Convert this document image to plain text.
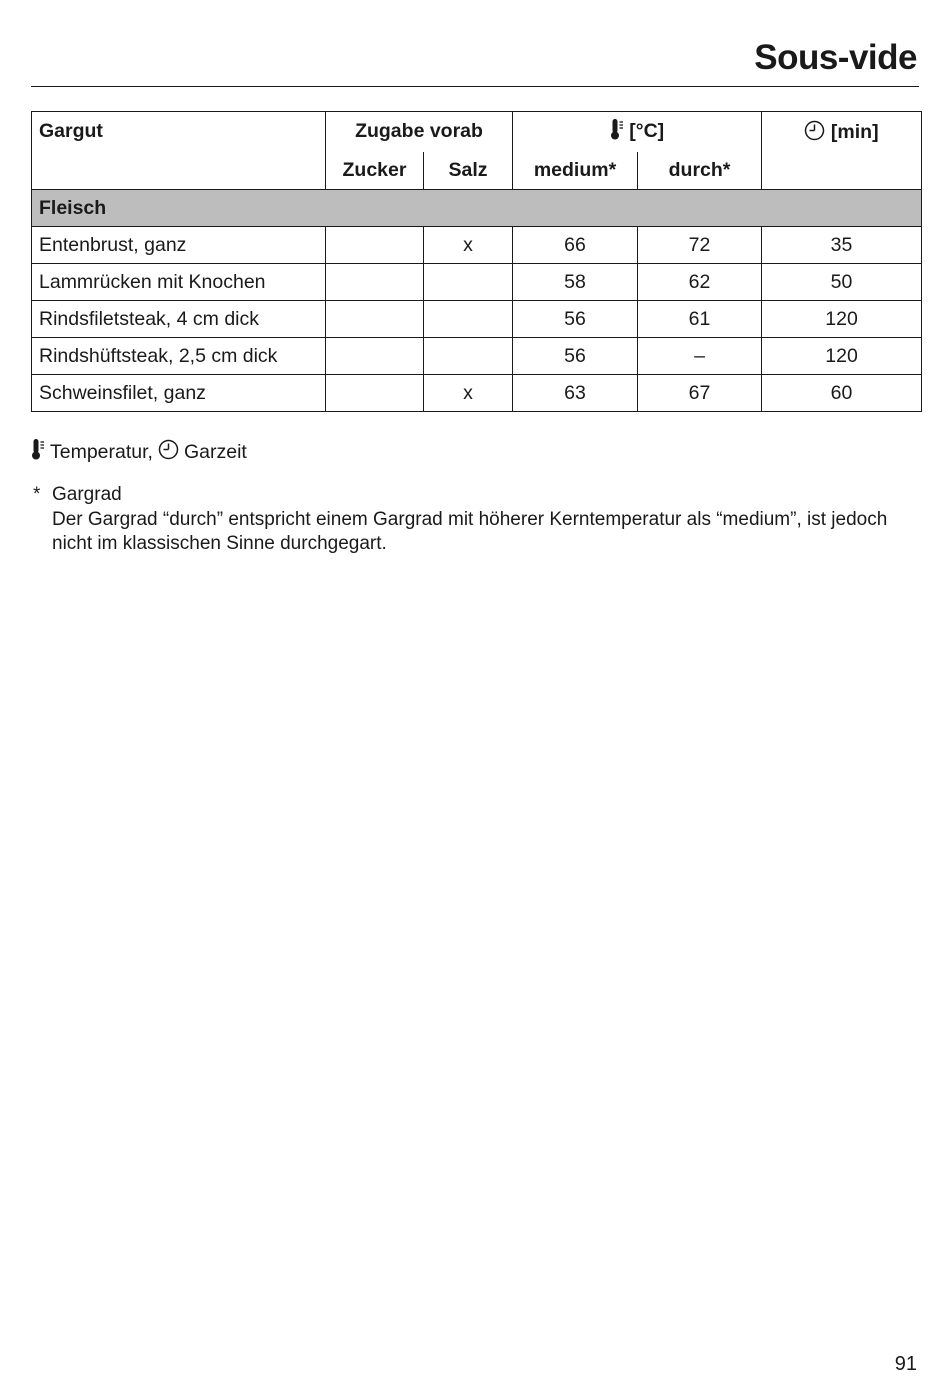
Sous-vide
Gargut	Zugabe vorab		[°C]		[min]
	Zucker	Salz	medium*	durch*	
Fleisch					
Entenbrust, ganz		x	66	72	35
Lammrücken mit Knochen			58	62	50
Rindsfiletsteak, 4 cm dick			56	61	120
Rindshüftsteak, 2,5 cm dick			56	–	120
Schweinsfilet, ganz		x	63	67	60
Temperatur, Garzeit
* Gargrad
Der Gargrad “durch” entspricht einem Gargrad mit höherer Kerntemperatur als “medium”, ist jedoch nicht im klassischen Sinne durchgegart.
91
